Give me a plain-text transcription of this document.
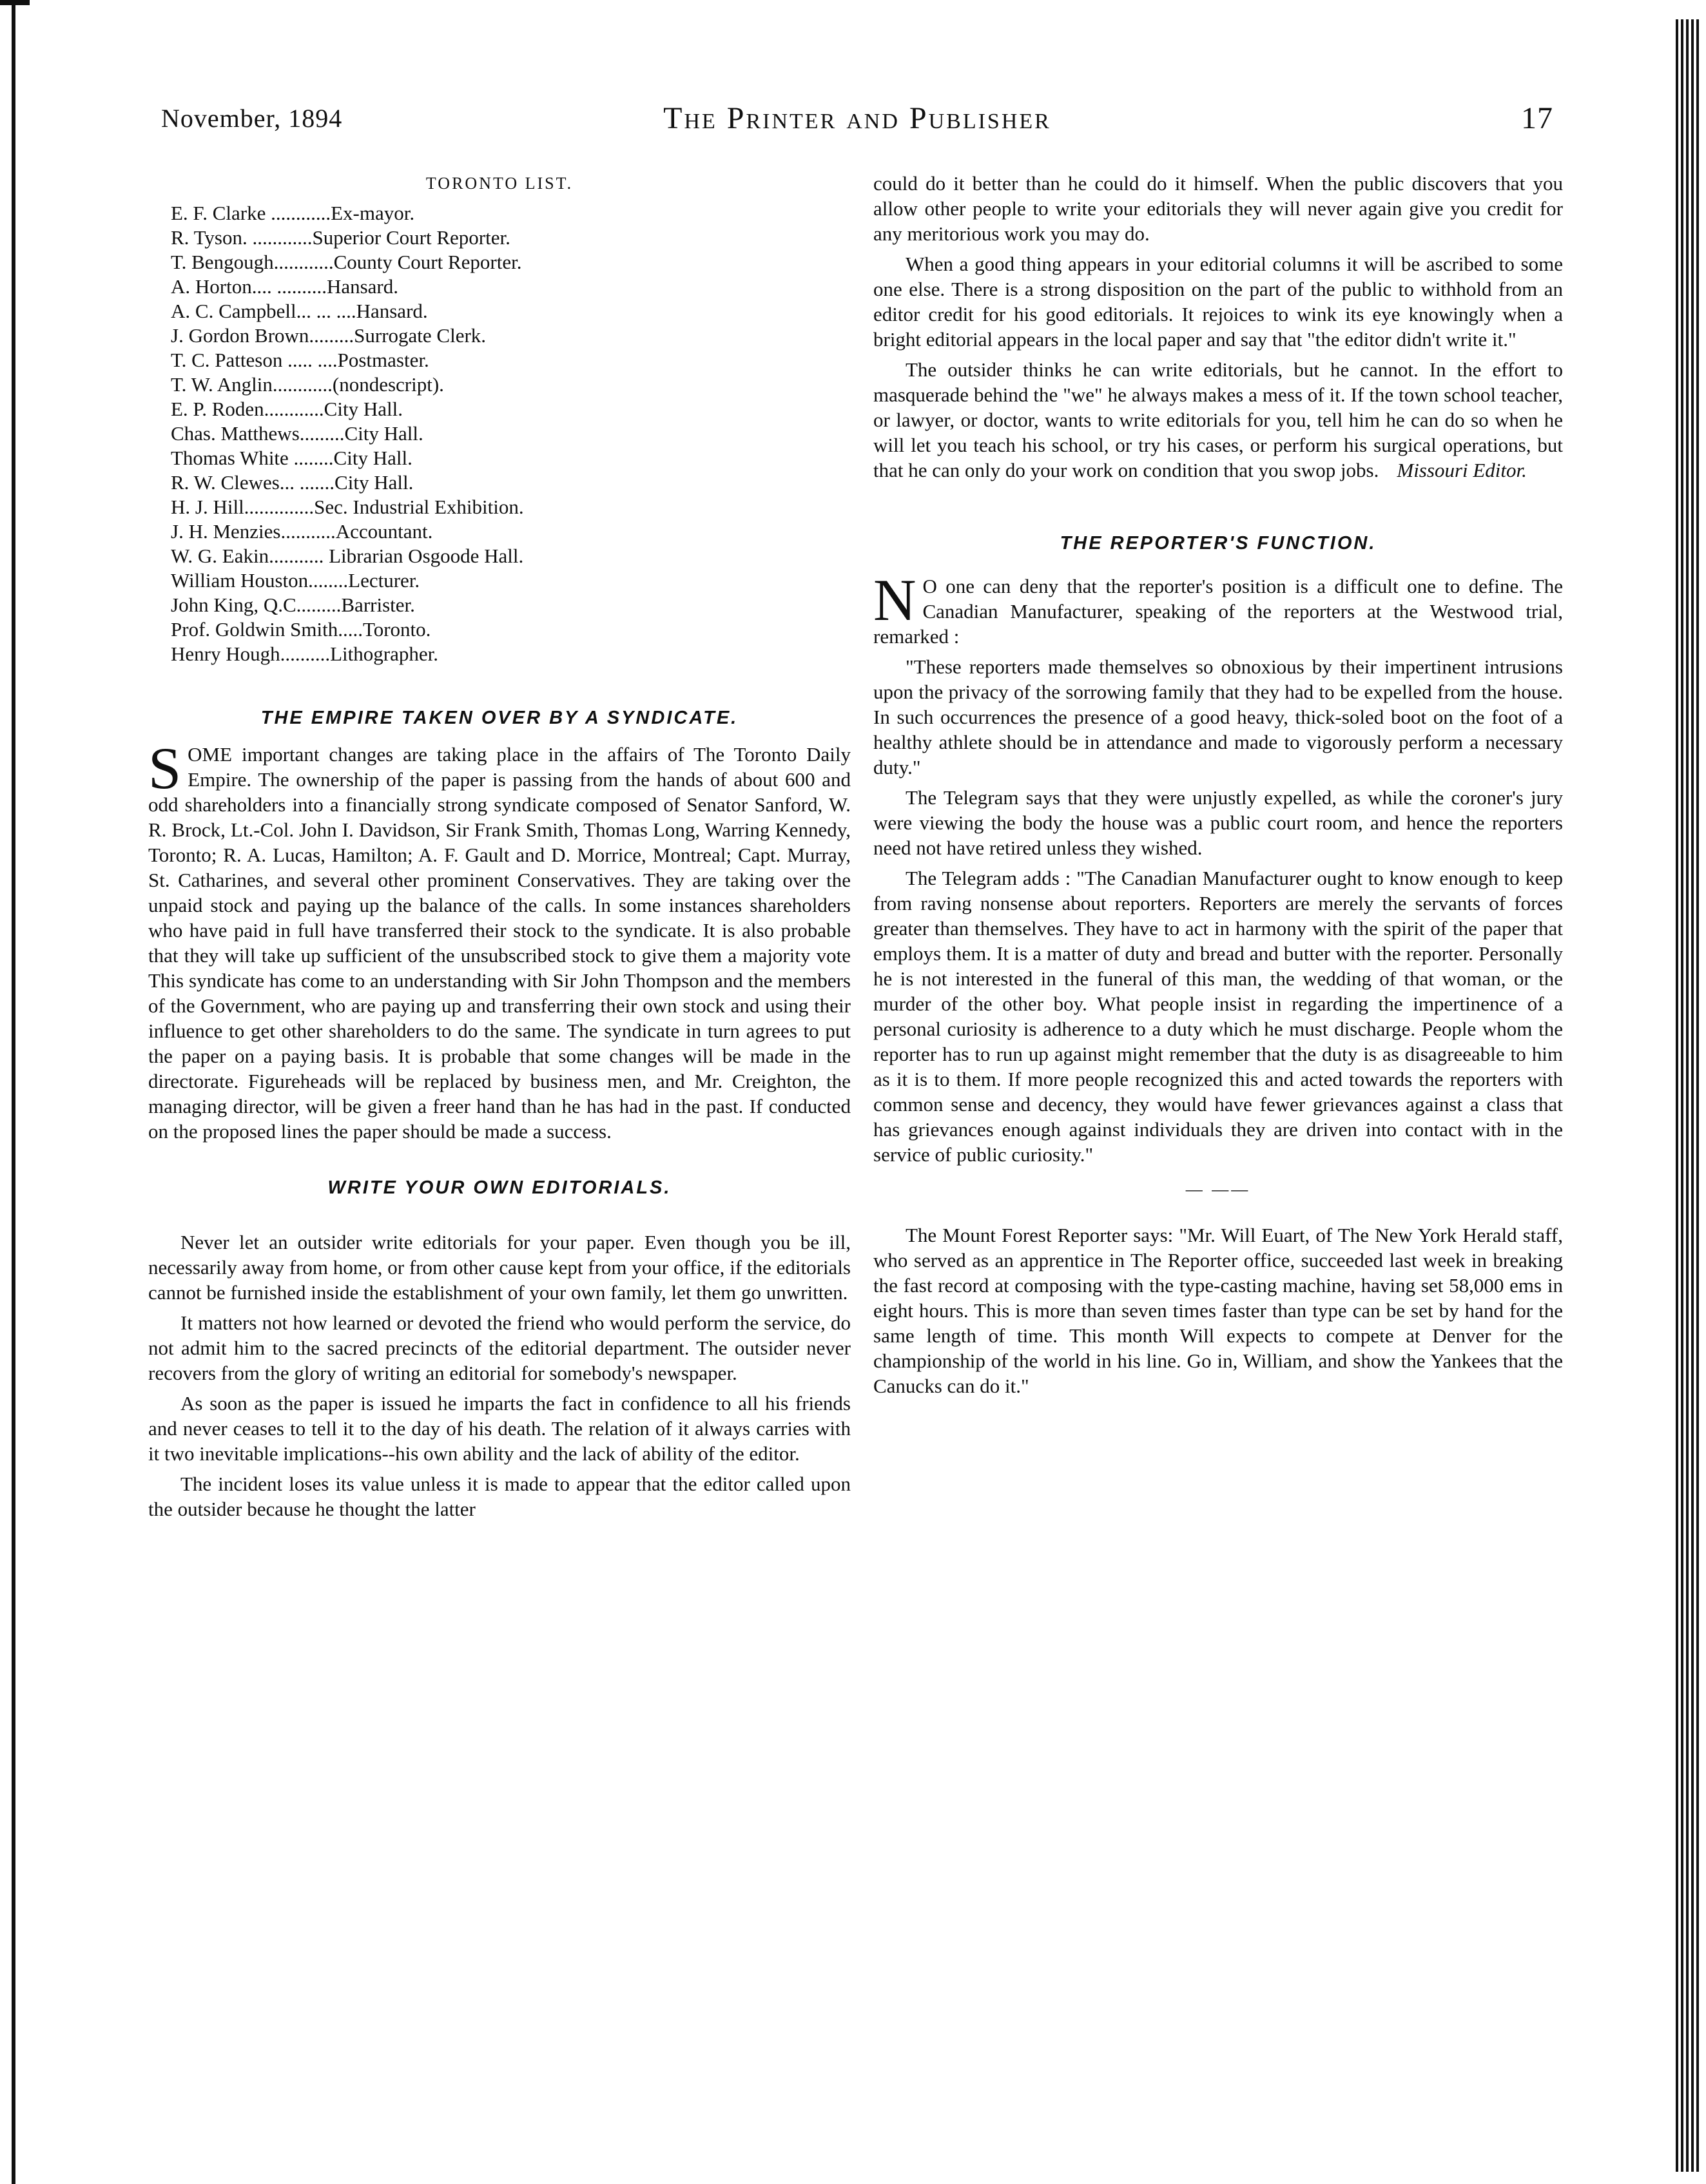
November, 1894	The Printer and Publisher	17
TORONTO LIST.
E. F. Clarke ............Ex-mayor.
R. Tyson. ............Superior Court Reporter.
T. Bengough............County Court Reporter.
A. Horton.... ..........Hansard.
A. C. Campbell... ... ....Hansard.
J. Gordon Brown.........Surrogate Clerk.
T. C. Patteson ..... ....Postmaster.
T. W. Anglin............(nondescript).
E. P. Roden............City Hall.
Chas. Matthews.........City Hall.
Thomas White ........City Hall.
R. W. Clewes... .......City Hall.
H. J. Hill..............Sec. Industrial Exhibition.
J. H. Menzies...........Accountant.
W. G. Eakin........... Librarian Osgoode Hall.
William Houston........Lecturer.
John King, Q.C.........Barrister.
Prof. Goldwin Smith.....Toronto.
Henry Hough..........Lithographer.
THE EMPIRE TAKEN OVER BY A SYNDICATE.

SOME important changes are taking place in the affairs of The Toronto Daily Empire. The ownership of the paper is passing from the hands of about 600 and odd shareholders into a financially strong syndicate composed of Senator Sanford, W. R. Brock, Lt.-Col. John I. Davidson, Sir Frank Smith, Thomas Long, Warring Kennedy, Toronto; R. A. Lucas, Hamilton; A. F. Gault and D. Morrice, Montreal; Capt. Murray, St. Catharines, and several other prominent Conservatives. They are taking over the unpaid stock and paying up the balance of the calls. In some instances shareholders who have paid in full have transferred their stock to the syndicate. It is also probable that they will take up sufficient of the unsubscribed stock to give them a majority vote This syndicate has come to an understanding with Sir John Thompson and the members of the Government, who are paying up and transferring their own stock and using their influence to get other shareholders to do the same. The syndicate in turn agrees to put the paper on a paying basis. It is probable that some changes will be made in the directorate. Figureheads will be replaced by business men, and Mr. Creighton, the managing director, will be given a freer hand than he has had in the past. If conducted on the proposed lines the paper should be made a success.

WRITE YOUR OWN EDITORIALS.

Never let an outsider write editorials for your paper. Even though you be ill, necessarily away from home, or from other cause kept from your office, if the editorials cannot be furnished inside the establishment of your own family, let them go unwritten.

It matters not how learned or devoted the friend who would perform the service, do not admit him to the sacred precincts of the editorial department. The outsider never recovers from the glory of writing an editorial for somebody's newspaper.

As soon as the paper is issued he imparts the fact in confidence to all his friends and never ceases to tell it to the day of his death. The relation of it always carries with it two inevitable implications--his own ability and the lack of ability of the editor.

The incident loses its value unless it is made to appear that the editor called upon the outsider because he thought the latter

could do it better than he could do it himself. When the public discovers that you allow other people to write your editorials they will never again give you credit for any meritorious work you may do.

When a good thing appears in your editorial columns it will be ascribed to some one else. There is a strong disposition on the part of the public to withhold from an editor credit for his good editorials. It rejoices to wink its eye knowingly when a bright editorial appears in the local paper and say that "the editor didn't write it."

The outsider thinks he can write editorials, but he cannot. In the effort to masquerade behind the "we" he always makes a mess of it. If the town school teacher, or lawyer, or doctor, wants to write editorials for you, tell him he can do so when he will let you teach his school, or try his cases, or perform his surgical operations, but that he can only do your work on condition that you swop jobs. Missouri Editor.

THE REPORTER'S FUNCTION.

N O one can deny that the reporter's position is a difficult one to define. The Canadian Manufacturer, speaking of the reporters at the Westwood trial, remarked :

"These reporters made themselves so obnoxious by their impertinent intrusions upon the privacy of the sorrowing family that they had to be expelled from the house. In such occurrences the presence of a good heavy, thick-soled boot on the foot of a healthy athlete should be in attendance and made to vigorously perform a necessary duty."

The Telegram says that they were unjustly expelled, as while the coroner's jury were viewing the body the house was a public court room, and hence the reporters need not have retired unless they wished.

The Telegram adds : "The Canadian Manufacturer ought to know enough to keep from raving nonsense about reporters. Reporters are merely the servants of forces greater than themselves. They have to act in harmony with the spirit of the paper that employs them. It is a matter of duty and bread and butter with the reporter. Personally he is not interested in the funeral of this man, the wedding of that woman, or the murder of the other boy. What people insist in regarding the impertinence of a personal curiosity is adherence to a duty which he must discharge. People whom the reporter has to run up against might remember that the duty is as disagreeable to him as it is to them. If more people recognized this and acted towards the reporters with common sense and decency, they would have fewer grievances against a class that has grievances enough against individuals they are driven into contact with in the service of public curiosity."

— ——

The Mount Forest Reporter says: "Mr. Will Euart, of The New York Herald staff, who served as an apprentice in The Reporter office, succeeded last week in breaking the fast record at composing with the type-casting machine, having set 58,000 ems in eight hours. This is more than seven times faster than type can be set by hand for the same length of time. This month Will expects to compete at Denver for the championship of the world in his line. Go in, William, and show the Yankees that the Canucks can do it."
